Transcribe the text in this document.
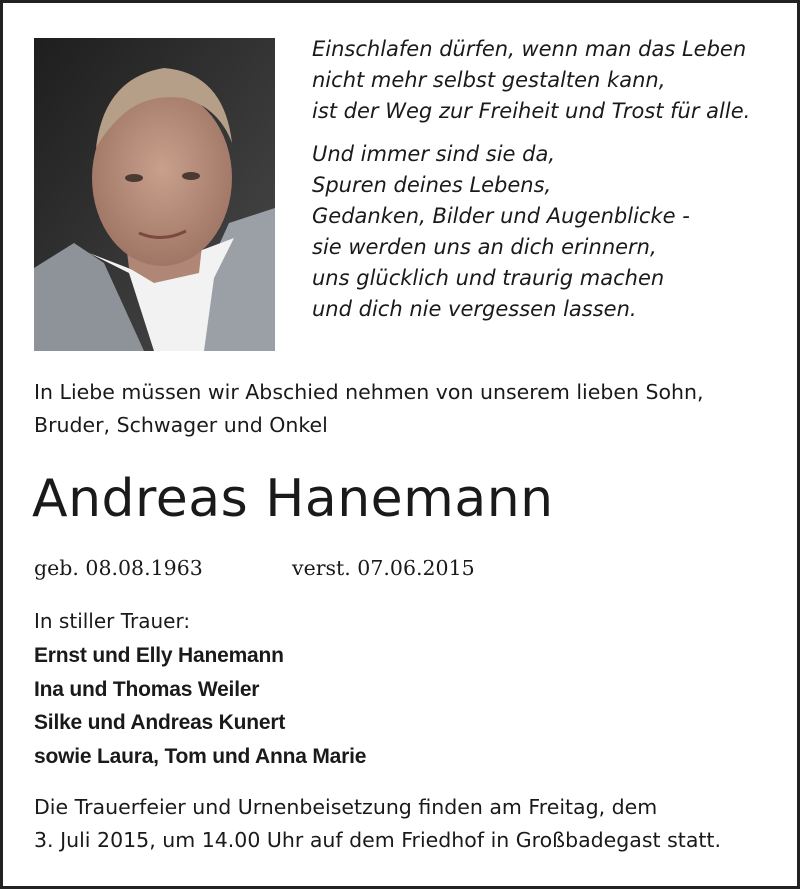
Einschlafen dürfen, wenn man das Leben
nicht mehr selbst gestalten kann,
ist der Weg zur Freiheit und Trost für alle.
Und immer sind sie da,
Spuren deines Lebens,
Gedanken, Bilder und Augenblicke -
sie werden uns an dich erinnern,
uns glücklich und traurig machen
und dich nie vergessen lassen.
In Liebe müssen wir Abschied nehmen von unserem lieben Sohn,
Bruder, Schwager und Onkel
Andreas Hanemann
geb. 08.08.1963	verst. 07.06.2015
In stiller Trauer:
Ernst und Elly Hanemann
Ina und Thomas Weiler
Silke und Andreas Kunert
sowie Laura, Tom und Anna Marie
Die Trauerfeier und Urnenbeisetzung finden am Freitag, dem
3. Juli 2015, um 14.00 Uhr auf dem Friedhof in Großbadegast statt.
